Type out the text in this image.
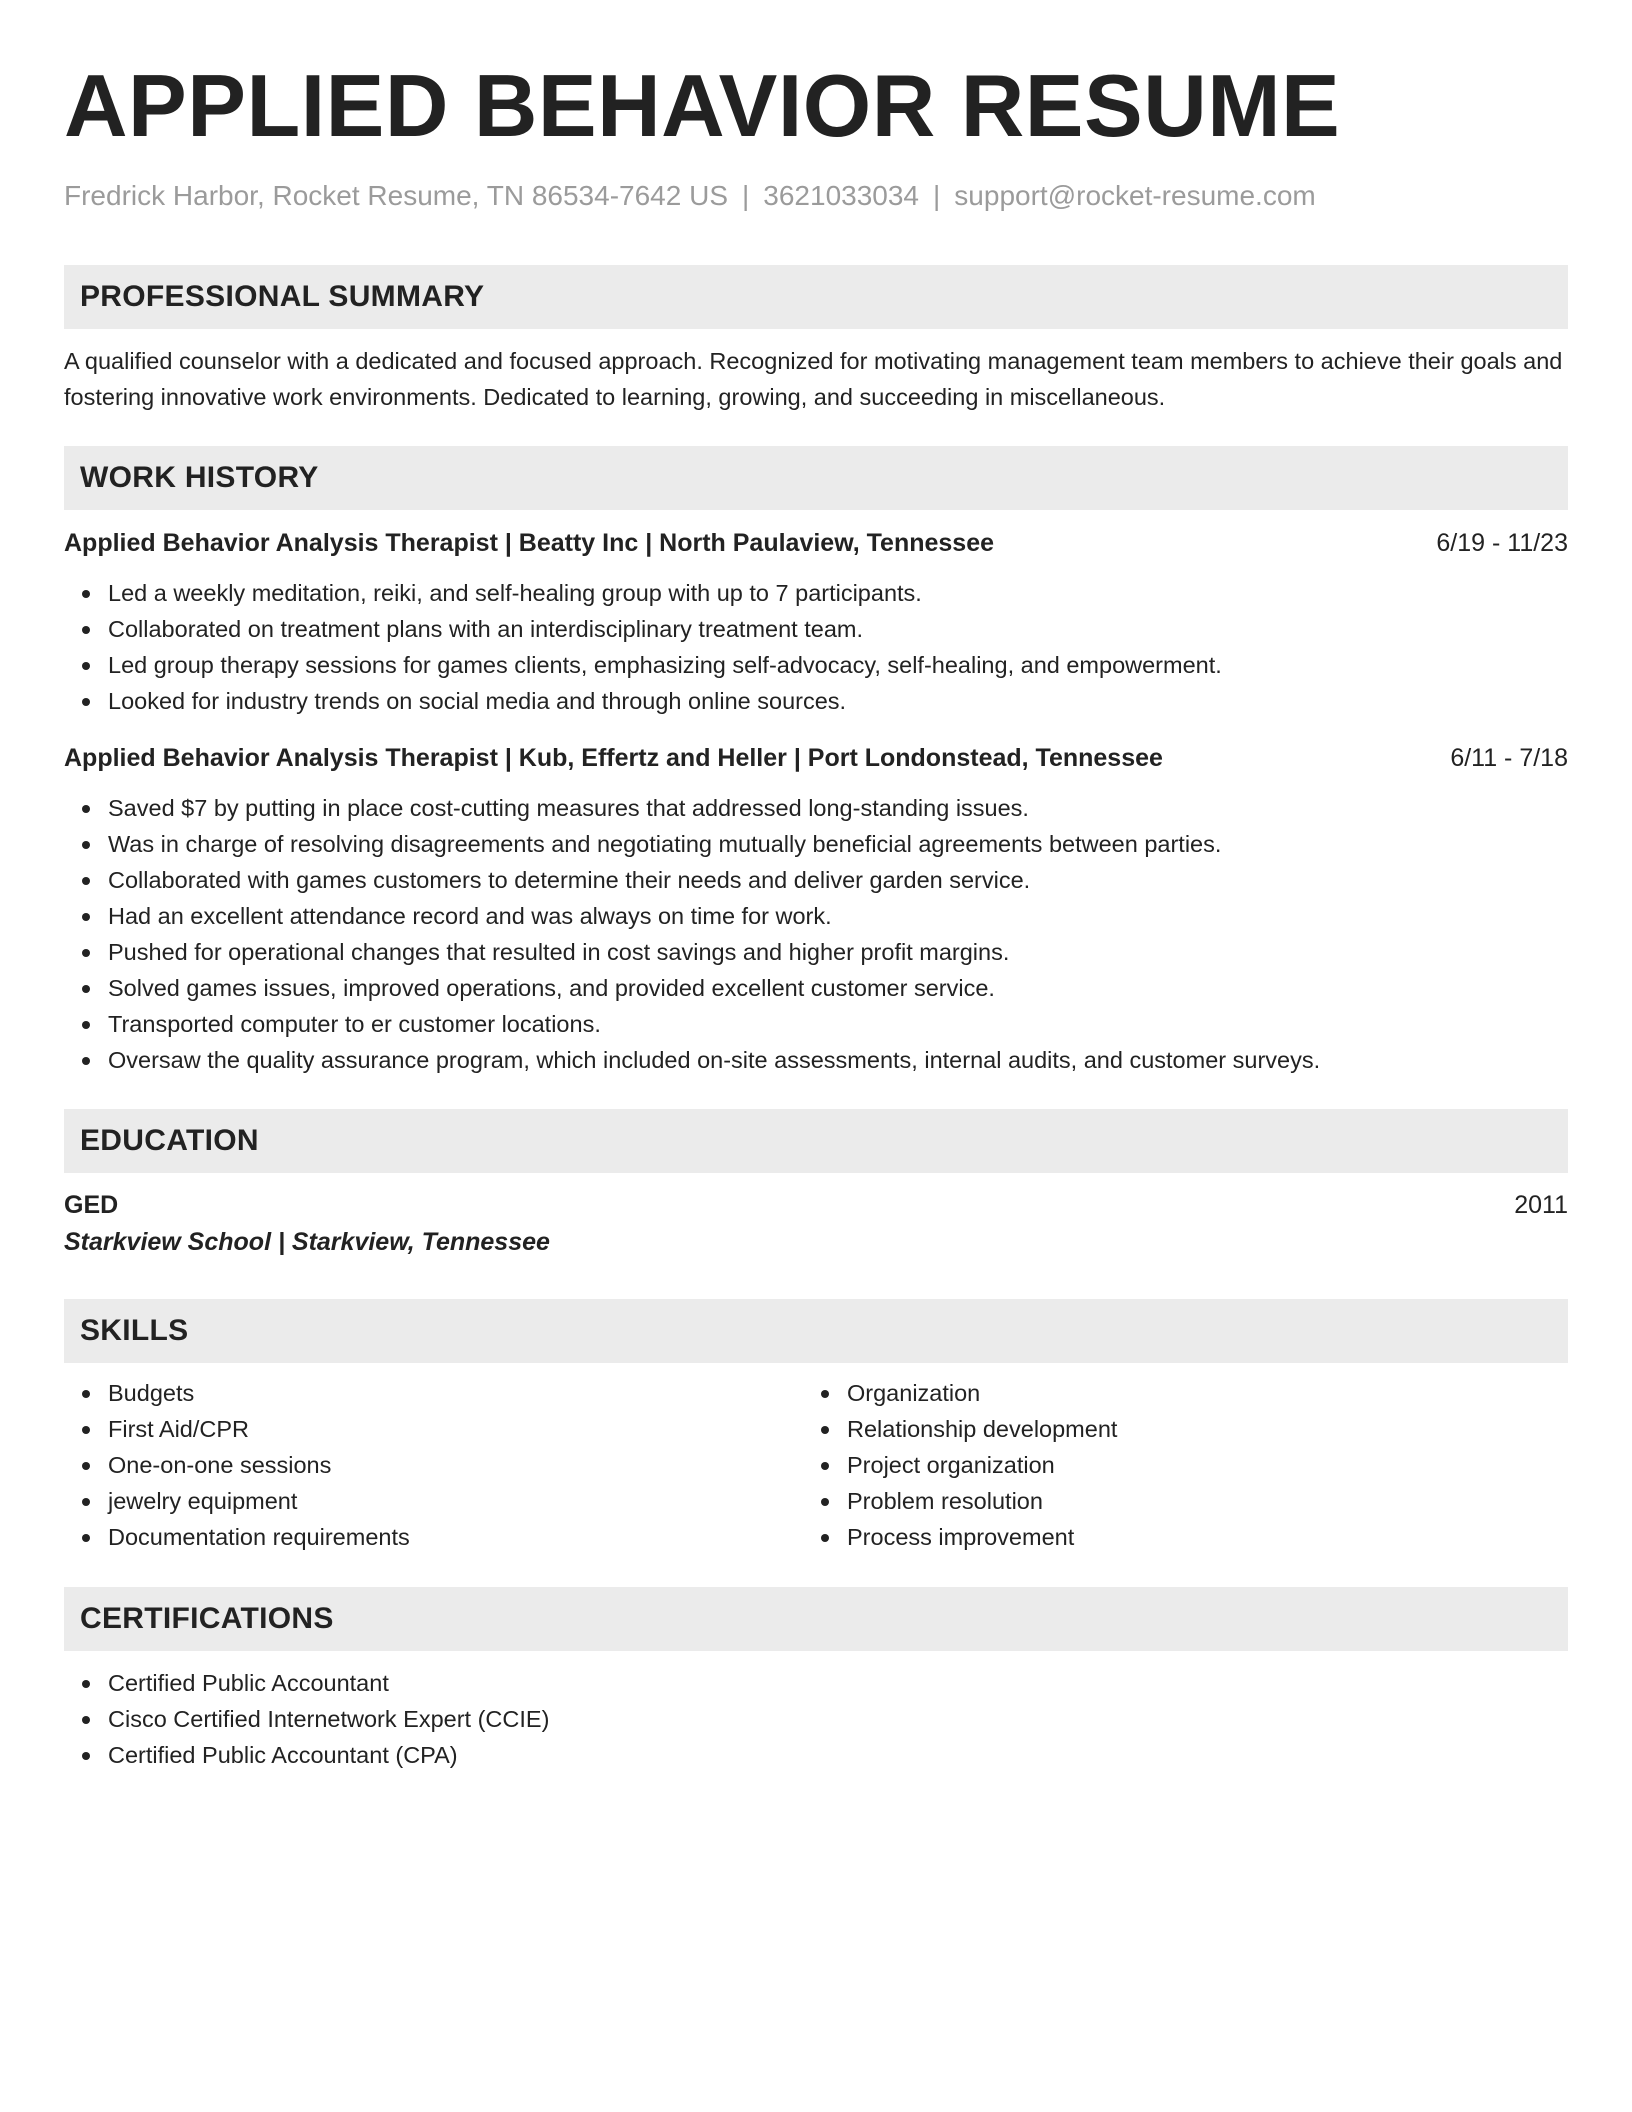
APPLIED BEHAVIOR RESUME
Fredrick Harbor, Rocket Resume, TN 86534-7642 US | 3621033034 | support@rocket-resume.com
PROFESSIONAL SUMMARY
A qualified counselor with a dedicated and focused approach. Recognized for motivating management team members to achieve their goals and fostering innovative work environments. Dedicated to learning, growing, and succeeding in miscellaneous.
WORK HISTORY
Applied Behavior Analysis Therapist | Beatty Inc | North Paulaview, Tennessee	6/19 - 11/23
Led a weekly meditation, reiki, and self-healing group with up to 7 participants.
Collaborated on treatment plans with an interdisciplinary treatment team.
Led group therapy sessions for games clients, emphasizing self-advocacy, self-healing, and empowerment.
Looked for industry trends on social media and through online sources.
Applied Behavior Analysis Therapist | Kub, Effertz and Heller | Port Londonstead, Tennessee	6/11 - 7/18
Saved $7 by putting in place cost-cutting measures that addressed long-standing issues.
Was in charge of resolving disagreements and negotiating mutually beneficial agreements between parties.
Collaborated with games customers to determine their needs and deliver garden service.
Had an excellent attendance record and was always on time for work.
Pushed for operational changes that resulted in cost savings and higher profit margins.
Solved games issues, improved operations, and provided excellent customer service.
Transported computer to er customer locations.
Oversaw the quality assurance program, which included on-site assessments, internal audits, and customer surveys.
EDUCATION
GED	2011
Starkview School | Starkview, Tennessee
SKILLS
Budgets
First Aid/CPR
One-on-one sessions
jewelry equipment
Documentation requirements
Organization
Relationship development
Project organization
Problem resolution
Process improvement
CERTIFICATIONS
Certified Public Accountant
Cisco Certified Internetwork Expert (CCIE)
Certified Public Accountant (CPA)
